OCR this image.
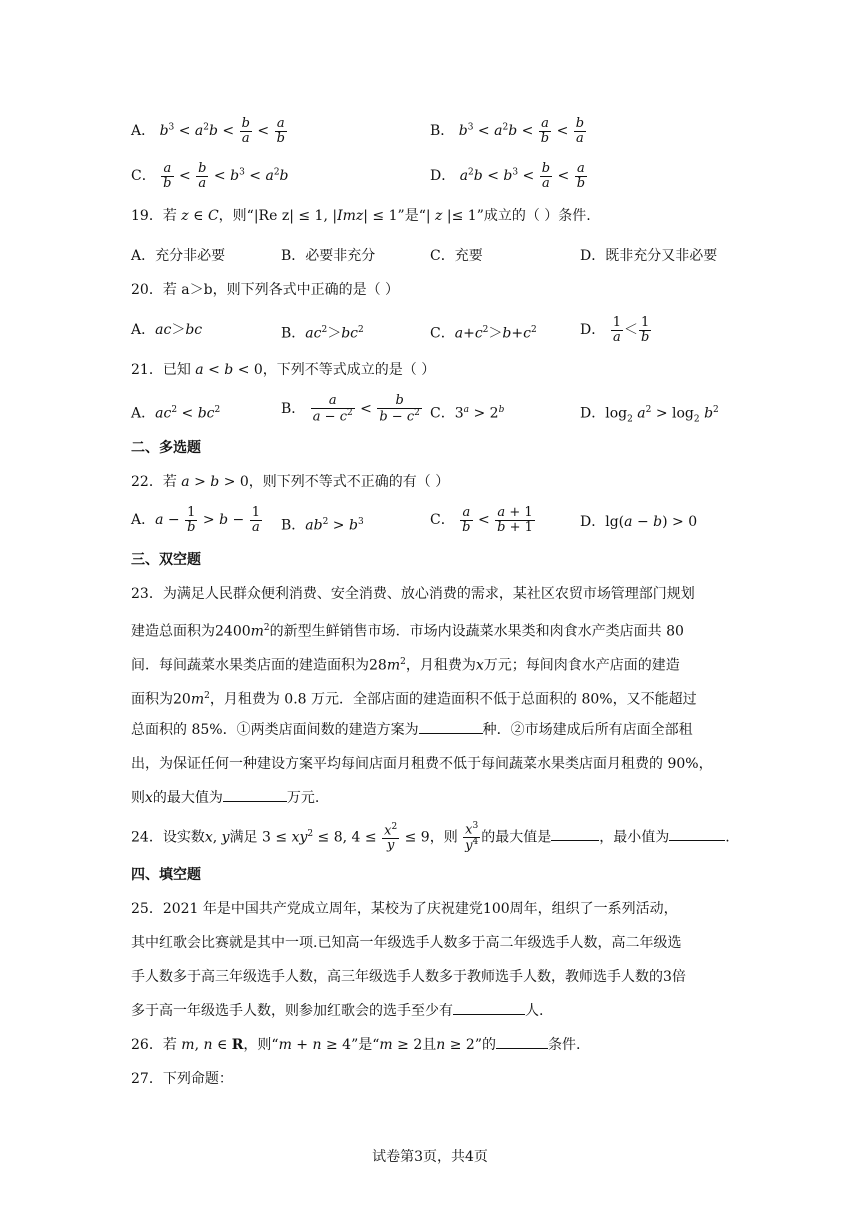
A． $b^3 < a^2b < \frac{b}{a} < \frac{a}{b}$	B． $b^3 < a^2b < \frac{a}{b} < \frac{b}{a}$
C． $\frac{a}{b} < \frac{b}{a} < b^3 < a^2b$	D． $a^2b < b^3 < \frac{b}{a} < \frac{a}{b}$
19．若 z ∈ C，则“|Re z| ≤ 1, |Imz| ≤ 1”是“| z |≤ 1”成立的（ ）条件.
A．充分非必要	B．必要非充分	C．充要	D．既非充分又非必要
20．若 a＞b，则下列各式中正确的是（ ）
A．ac＞bc	B．$ac^2>bc^2$	C．$a+c^2>b+c^2$	D． $\frac{1}{a} < \frac{1}{b}$
21．已知 a < b < 0，下列不等式成立的是（ ）
A．$ac^2 < bc^2$	B． $\frac{a}{a - c^2} < \frac{b}{b - c^2}$ C．$3^a > 2^b$	D．$\log_2 a^2 > \log_2 b^2$
二、多选题
22．若 a > b > 0，则下列不等式不正确的有（ ）
A．$a - \frac{1}{b} > b - \frac{1}{a}$ B．$ab^2 > b^3$	C． $\frac{a}{b} < \frac{a + 1}{b + 1}$	D．lg(a − b) > 0
三、双空题
23．为满足人民群众便利消费、安全消费、放心消费的需求，某社区农贸市场管理部门规划
建造总面积为$2400m^2$的新型生鲜销售市场．市场内设蔬菜水果类和肉食水产类店面共 80
间．每间蔬菜水果类店面的建造面积为$28m^2$，月租费为x万元；每间肉食水产店面的建造
面积为$20m^2$，月租费为 0.8 万元．全部店面的建造面积不低于总面积的 80%，又不能超过
总面积的 85%．①两类店面间数的建造方案为	种．②市场建成后所有店面全部租
出，为保证任何一种建设方案平均每间店面月租费不低于每间蔬菜水果类店面月租费的 90%，
则x的最大值为	万元.
24．设实数x, y满足 $3 \le xy^2 \le 8$, $4 \le \frac{x^2}{y} \le 9$，则 $\frac{x^3}{y^4}$ 的最大值是	，最小值为	.
四、填空题
25．2021 年是中国共产党成立周年，某校为了庆祝建党100周年，组织了一系列活动，
其中红歌会比赛就是其中一项.已知高一年级选手人数多于高二年级选手人数，高二年级选
手人数多于高三年级选手人数，高三年级选手人数多于教师选手人数，教师选手人数的3倍
多于高一年级选手人数，则参加红歌会的选手至少有	人.
26．若 m, n ∈ R，则“m + n ≥ 4”是“m ≥ 2且n ≥ 2”的	条件.
27．下列命题：
试卷第3页，共4页
